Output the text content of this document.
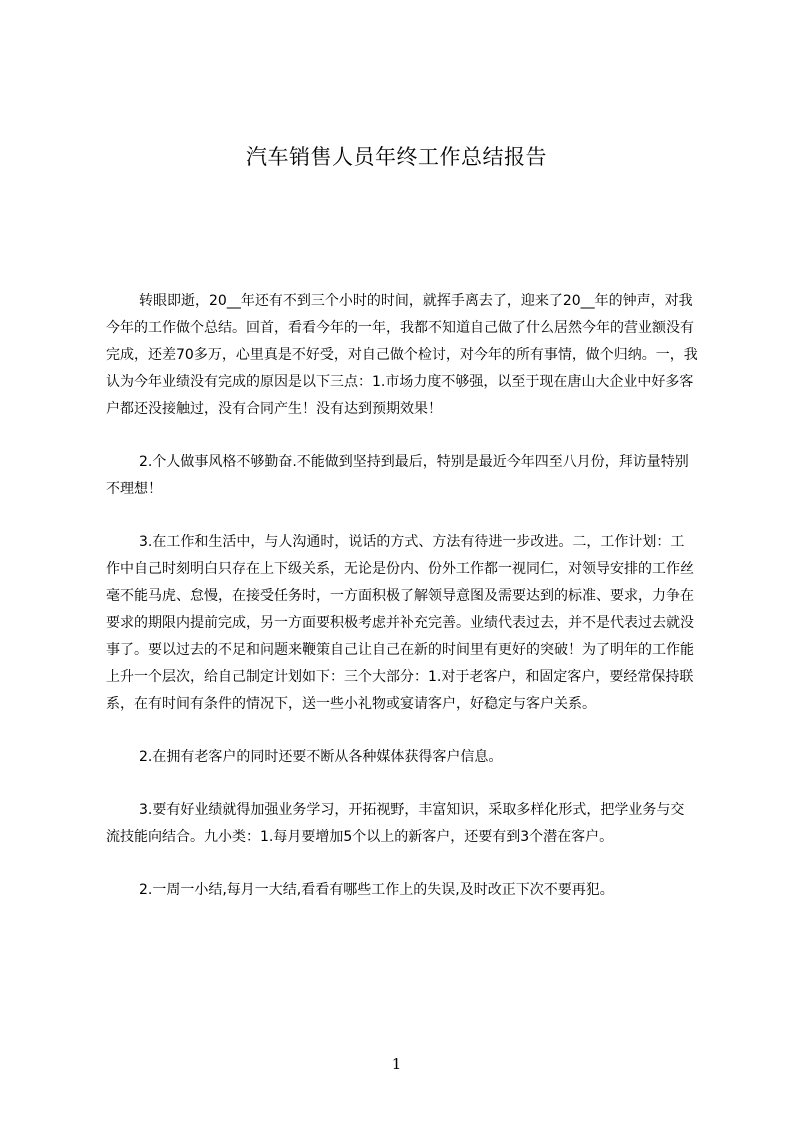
汽车销售人员年终工作总结报告

转眼即逝，20__年还有不到三个小时的时间，就挥手离去了，迎来了20__年的钟声，对我今年的工作做个总结。回首，看看今年的一年，我都不知道自己做了什么居然今年的营业额没有完成，还差70多万，心里真是不好受，对自己做个检讨，对今年的所有事情，做个归纳。一，我认为今年业绩没有完成的原因是以下三点：1.市场力度不够强，以至于现在唐山大企业中好多客户都还没接触过，没有合同产生！没有达到预期效果！

2.个人做事风格不够勤奋.不能做到坚持到最后，特别是最近今年四至八月份，拜访量特别不理想！

3.在工作和生活中，与人沟通时，说话的方式、方法有待进一步改进。二，工作计划：工作中自己时刻明白只存在上下级关系，无论是份内、份外工作都一视同仁，对领导安排的工作丝毫不能马虎、怠慢，在接受任务时，一方面积极了解领导意图及需要达到的标准、要求，力争在要求的期限内提前完成，另一方面要积极考虑并补充完善。业绩代表过去，并不是代表过去就没事了。要以过去的不足和问题来鞭策自己让自己在新的时间里有更好的突破！为了明年的工作能上升一个层次，给自己制定计划如下：三个大部分：1.对于老客户，和固定客户，要经常保持联系，在有时间有条件的情况下，送一些小礼物或宴请客户，好稳定与客户关系。

2.在拥有老客户的同时还要不断从各种媒体获得客户信息。

3.要有好业绩就得加强业务学习，开拓视野，丰富知识，采取多样化形式，把学业务与交流技能向结合。九小类：1.每月要增加5个以上的新客户，还要有到3个潜在客户。

2.一周一小结,每月一大结,看看有哪些工作上的失误,及时改正下次不要再犯。

1
